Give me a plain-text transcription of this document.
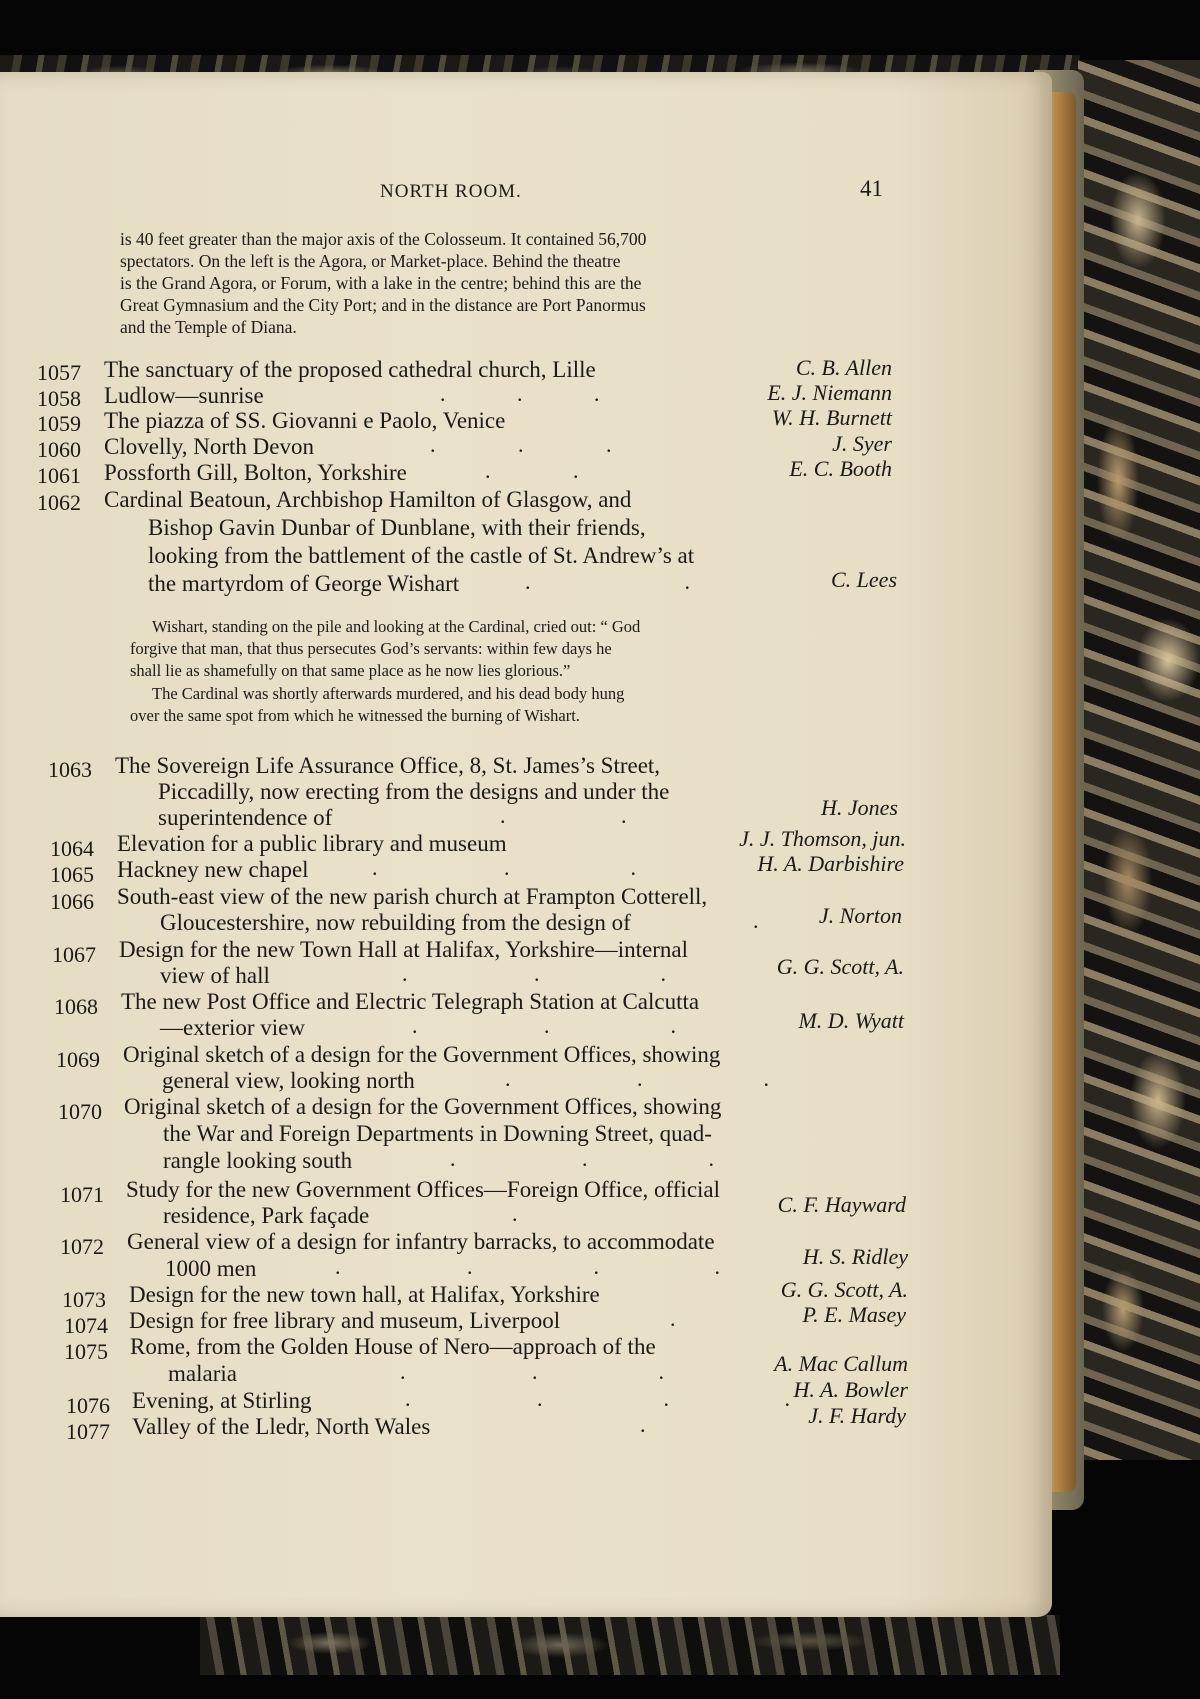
NORTH ROOM.	41
is 40 feet greater than the major axis of the Colosseum. It contained 56,700
spectators. On the left is the Agora, or Market-place. Behind the theatre
is the Grand Agora, or Forum, with a lake in the centre; behind this are the
Great Gymnasium and the City Port; and in the distance are Port Panormus
and the Temple of Diana.
1057 The sanctuary of the proposed cathedral church, Lille	C. B. Allen
1058 Ludlow—sunrise	.             .             .	E. J. Niemann
1059 The piazza of SS. Giovanni e Paolo, Venice	W. H. Burnett
1060 Clovelly, North Devon	.               .               .	J. Syer
1061 Possforth Gill, Bolton, Yorkshire	.               .	E. C. Booth
1062 Cardinal Beatoun, Archbishop Hamilton of Glasgow, and
Bishop Gavin Dunbar of Dunblane, with their friends,
looking from the battlement of the castle of St. Andrew’s at
the martyrdom of George Wishart	.                            .	C. Lees
Wishart, standing on the pile and looking at the Cardinal, cried out: “ God
forgive that man, that thus persecutes God’s servants: within few days he
shall lie as shamefully on that same place as he now lies glorious.”
The Cardinal was shortly afterwards murdered, and his dead body hung
over the same spot from which he witnessed the burning of Wishart.
1063 The Sovereign Life Assurance Office, 8, St. James’s Street,
Piccadilly, now erecting from the designs and under the
superintendence of	.                     .	H. Jones
1064 Elevation for a public library and museum	J. J. Thomson, jun.
1065 Hackney new chapel	.                       .                      .	H. A. Darbishire
1066 South-east view of the new parish church at Frampton Cotterell,
Gloucestershire, now rebuilding from the design of	.	J. Norton
1067 Design for the new Town Hall at Halifax, Yorkshire—internal
view of hall	.                       .                      .	G. G. Scott, A.
1068 The new Post Office and Electric Telegraph Station at Calcutta
—exterior view	.                       .                      .	M. D. Wyatt
1069 Original sketch of a design for the Government Offices, showing
general view, looking north	.                       .                      .
1070 Original sketch of a design for the Government Offices, showing
the War and Foreign Departments in Downing Street, quad-
rangle looking south	.                       .                      .
1071 Study for the new Government Offices—Foreign Office, official
residence, Park façade	.	C. F. Hayward
1072 General view of a design for infantry barracks, to accommodate
1000 men	.                       .                      .                     .	H. S. Ridley
1073 Design for the new town hall, at Halifax, Yorkshire	G. G. Scott, A.
1074 Design for free library and museum, Liverpool	.	P. E. Masey
1075 Rome, from the Golden House of Nero—approach of the
malaria	.                       .                      .	A. Mac Callum
1076 Evening, at Stirling	.                       .                      .                     . H. A. Bowler
1077 Valley of the Lledr, North Wales	.	J. F. Hardy
